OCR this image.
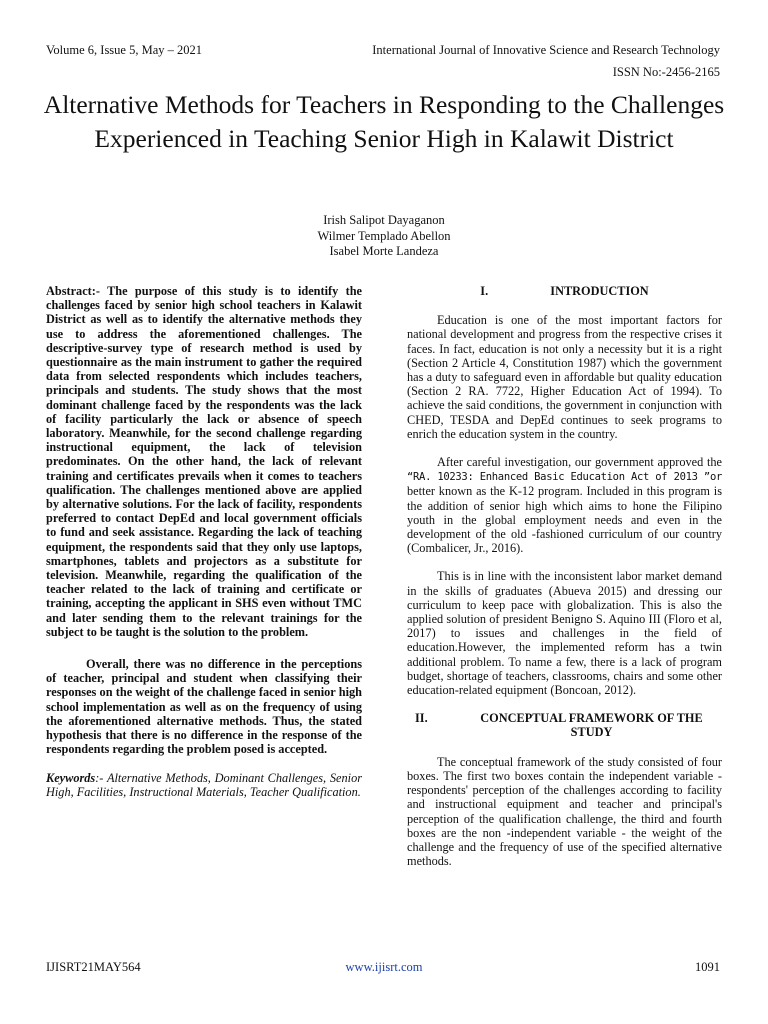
Volume 6, Issue 5, May – 2021	International Journal of Innovative Science and Research Technology
ISSN No:-2456-2165
Alternative Methods for Teachers in Responding to the Challenges Experienced in Teaching Senior High in Kalawit District
Irish Salipot Dayaganon
Wilmer Templado Abellon
Isabel Morte Landeza

Abstract:- The purpose of this study is to identify the challenges faced by senior high school teachers in Kalawit District as well as to identify the alternative methods they use to address the aforementioned challenges. The descriptive-survey type of research method is used by questionnaire as the main instrument to gather the required data from selected respondents which includes teachers, principals and students. The study shows that the most dominant challenge faced by the respondents was the lack of facility particularly the lack or absence of speech laboratory. Meanwhile, for the second challenge regarding instructional equipment, the lack of television predominates. On the other hand, the lack of relevant training and certificates prevails when it comes to teachers qualification. The challenges mentioned above are applied by alternative solutions. For the lack of facility, respondents preferred to contact DepEd and local government officials to fund and seek assistance. Regarding the lack of teaching equipment, the respondents said that they only use laptops, smartphones, tablets and projectors as a substitute for television. Meanwhile, regarding the qualification of the teacher related to the lack of training and certificate or training, accepting the applicant in SHS even without TMC and later sending them to the relevant trainings for the subject to be taught is the solution to the problem.

Overall, there was no difference in the perceptions of teacher, principal and student when classifying their responses on the weight of the challenge faced in senior high school implementation as well as on the frequency of using the aforementioned alternative methods. Thus, the stated hypothesis that there is no difference in the response of the respondents regarding the problem posed is accepted.

Keywords:- Alternative Methods, Dominant Challenges, Senior High, Facilities, Instructional Materials, Teacher Qualification.

I.	INTRODUCTION

Education is one of the most important factors for national development and progress from the respective crises it faces. In fact, education is not only a necessity but it is a right (Section 2 Article 4, Constitution 1987) which the government has a duty to safeguard even in affordable but quality education (Section 2 RA. 7722, Higher Education Act of 1994). To achieve the said conditions, the government in conjunction with CHED, TESDA and DepEd continues to seek programs to enrich the education system in the country.

After careful investigation, our government approved the “RA. 10233: Enhanced Basic Education Act of 2013 ”or better known as the K-12 program. Included in this program is the addition of senior high which aims to hone the Filipino youth in the global employment needs and even in the development of the old -fashioned curriculum of our country (Combalicer, Jr., 2016).

This is in line with the inconsistent labor market demand in the skills of graduates (Abueva 2015) and dressing our curriculum to keep pace with globalization. This is also the applied solution of president Benigno S. Aquino III (Floro et al, 2017) to issues and challenges in the field of education.However, the implemented reform has a twin additional problem. To name a few, there is a lack of program budget, shortage of teachers, classrooms, chairs and some other education-related equipment (Boncoan, 2012).

II.	CONCEPTUAL FRAMEWORK OF THE STUDY

The conceptual framework of the study consisted of four boxes. The first two boxes contain the independent variable - respondents' perception of the challenges according to facility and instructional equipment and teacher and principal's perception of the qualification challenge, the third and fourth boxes are the non -independent variable - the weight of the challenge and the frequency of use of the specified alternative methods.

IJISRT21MAY564	www.ijisrt.com	1091
